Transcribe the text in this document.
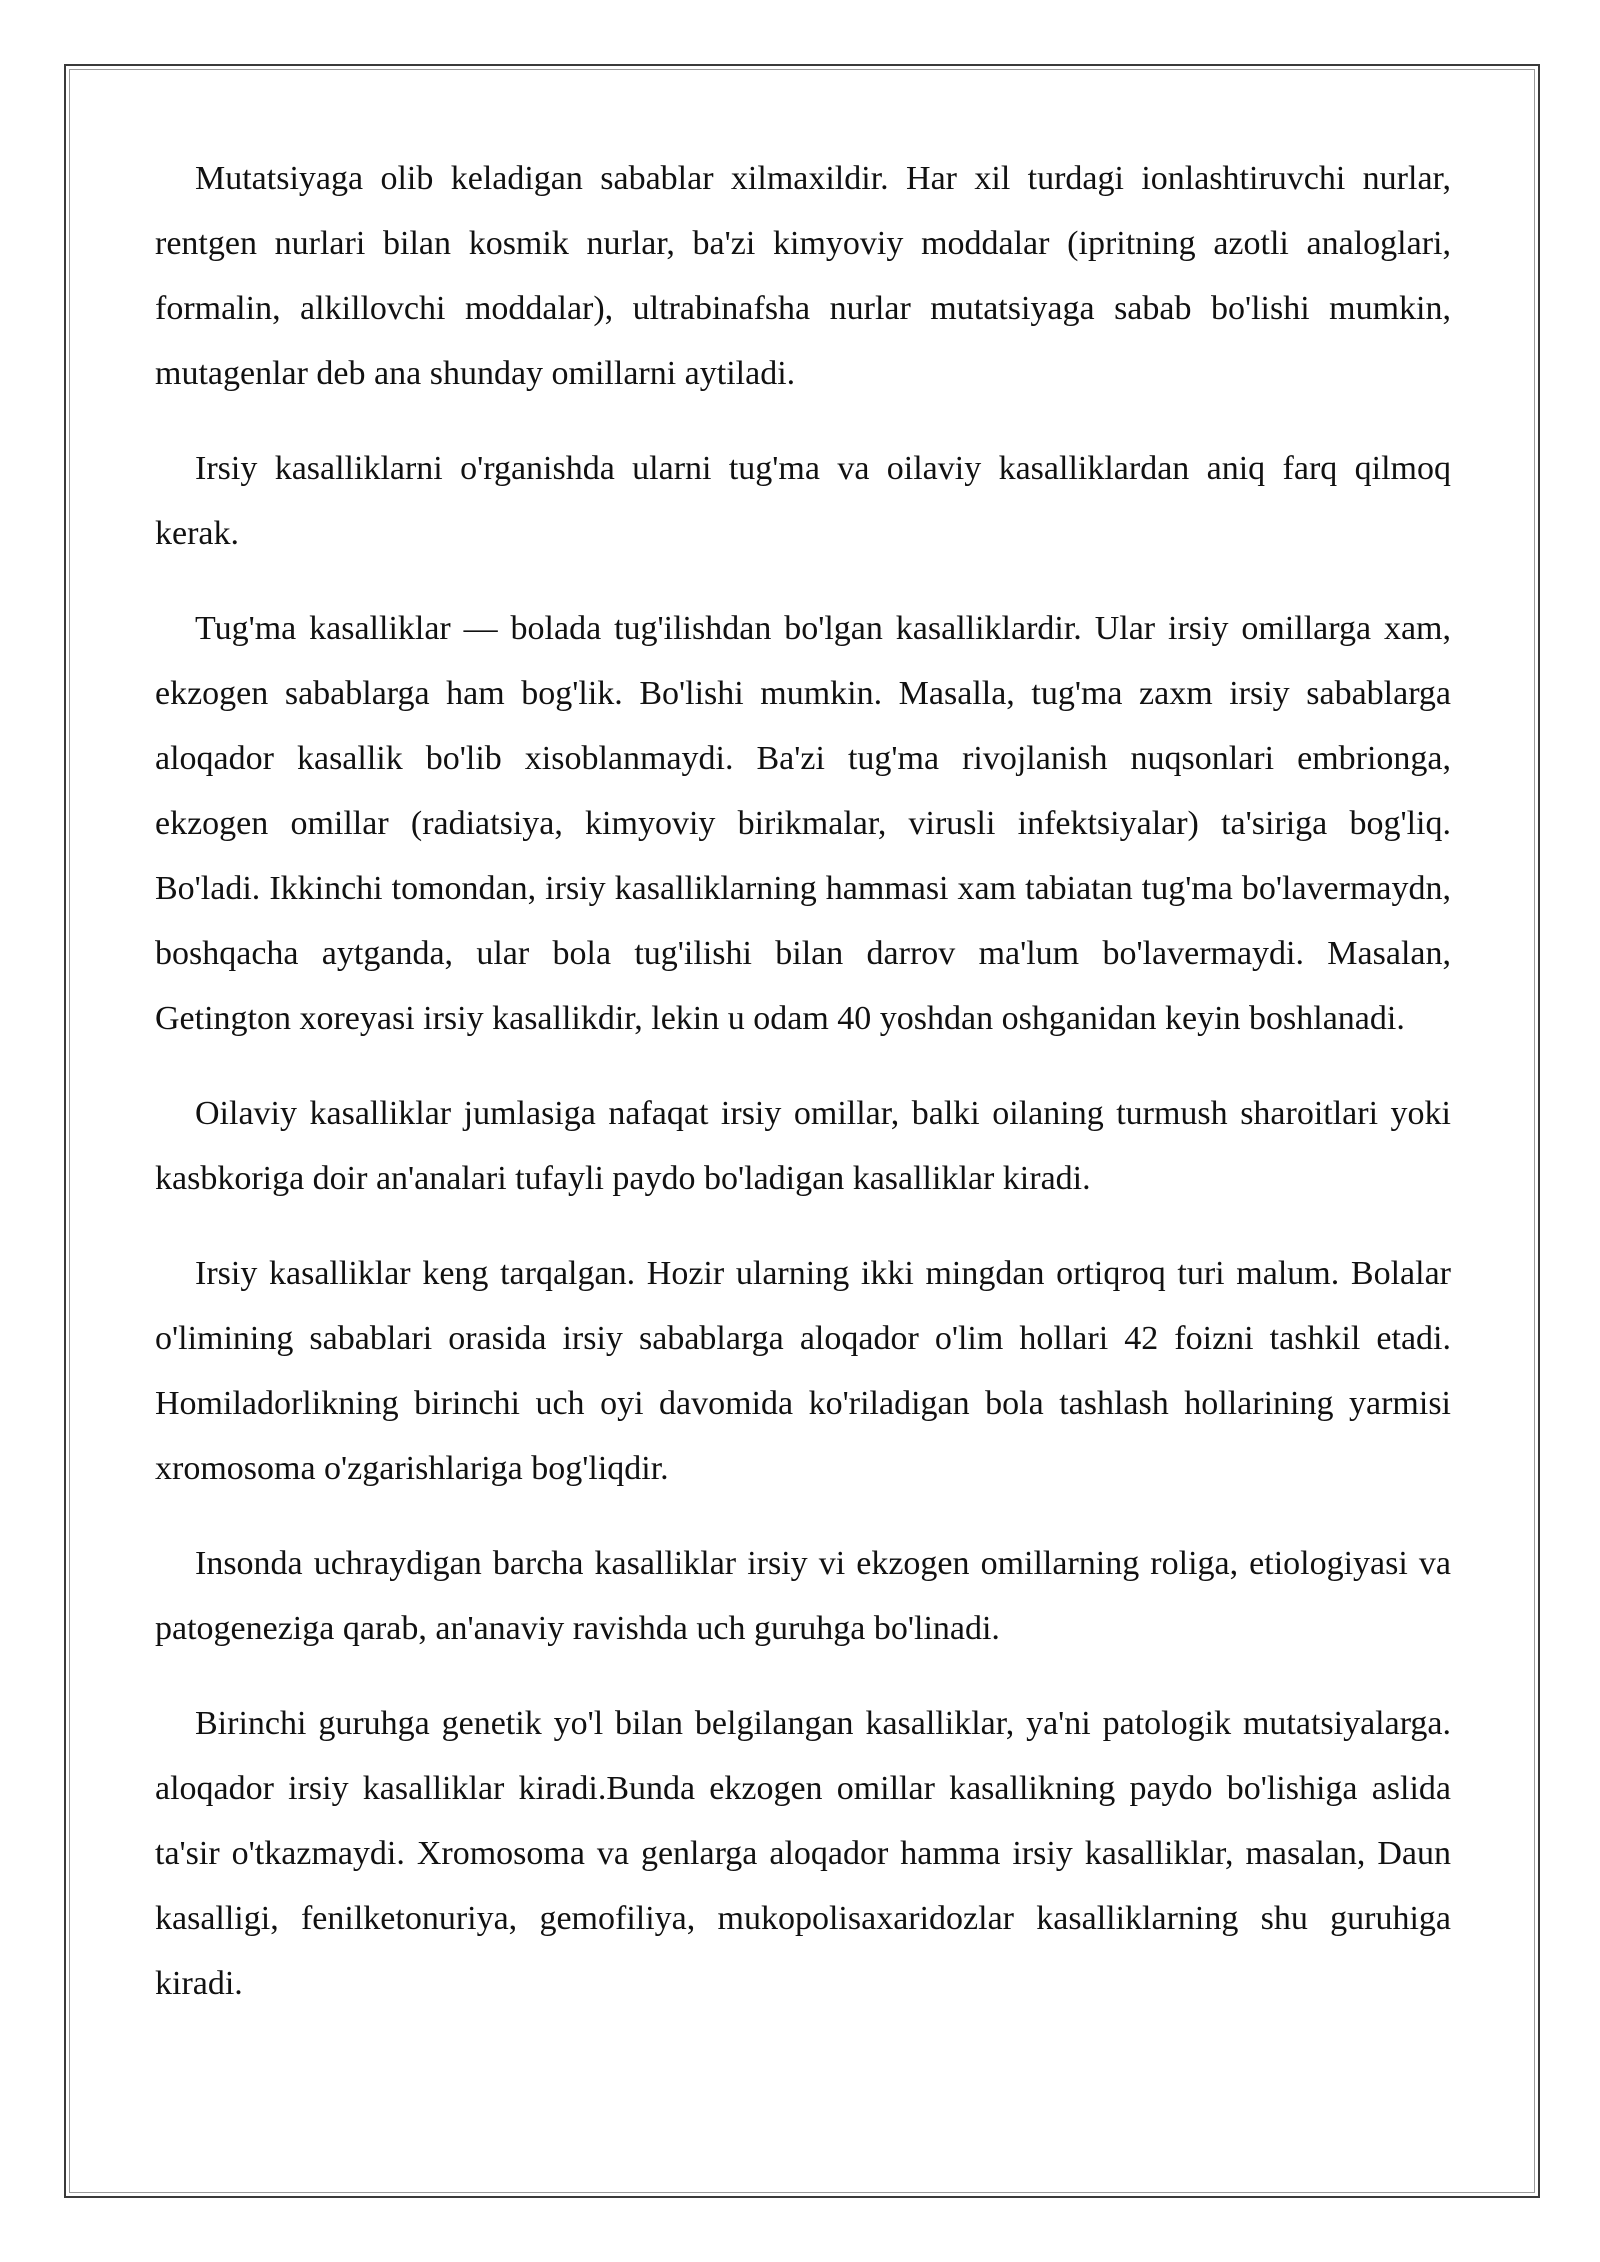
Mutatsiyaga olib keladigan sabablar xilmaxildir. Har xil turdagi ionlashtiruvchi nurlar, rentgen nurlari bilan kosmik nurlar, ba'zi kimyoviy moddalar (ipritning azotli analoglari, formalin, alkillovchi moddalar), ultrabinafsha nurlar mutatsiyaga sabab bo'lishi mumkin, mutagenlar deb ana shunday omillarni aytiladi.

Irsiy kasalliklarni o'rganishda ularni tug'ma va oilaviy kasalliklardan aniq farq qilmoq kerak.

Tug'ma kasalliklar — bolada tug'ilishdan bo'lgan kasalliklardir. Ular irsiy omillarga xam, ekzogen sabablarga ham bog'lik. Bo'lishi mumkin. Masalla, tug'ma zaxm irsiy sabablarga aloqador kasallik bo'lib xisoblanmaydi. Ba'zi tug'ma rivojlanish nuqsonlari embrionga, ekzogen omillar (radiatsiya, kimyoviy birikmalar, virusli infektsiyalar) ta'siriga bog'liq. Bo'ladi. Ikkinchi tomondan, irsiy kasalliklarning hammasi xam tabiatan tug'ma bo'lavermaydn, boshqacha aytganda, ular bola tug'ilishi bilan darrov ma'lum bo'lavermaydi. Masalan, Getington xoreyasi irsiy kasallikdir, lekin u odam 40 yoshdan oshganidan keyin boshlanadi.

Oilaviy kasalliklar jumlasiga nafaqat irsiy omillar, balki oilaning turmush sharoitlari yoki kasbkoriga doir an'analari tufayli paydo bo'ladigan kasalliklar kiradi.

Irsiy kasalliklar keng tarqalgan. Hozir ularning ikki mingdan ortiqroq turi malum. Bolalar o'limining sabablari orasida irsiy sabablarga aloqador o'lim hollari 42 foizni tashkil etadi. Homiladorlikning birinchi uch oyi davomida ko'riladigan bola tashlash hollarining yarmisi xromosoma o'zgarishlariga bog'liqdir.

Insonda uchraydigan barcha kasalliklar irsiy vi ekzogen omillarning roliga, etiologiyasi va patogeneziga qarab, an'anaviy ravishda uch guruhga bo'linadi.

Birinchi guruhga genetik yo'l bilan belgilangan kasalliklar, ya'ni patologik mutatsiyalarga. aloqador irsiy kasalliklar kiradi.Bunda ekzogen omillar kasallikning paydo bo'lishiga aslida ta'sir o'tkazmaydi. Xromosoma va genlarga aloqador hamma irsiy kasalliklar, masalan, Daun kasalligi, fenilketonuriya, gemofiliya, mukopolisaxaridozlar kasalliklarning shu guruhiga kiradi.
